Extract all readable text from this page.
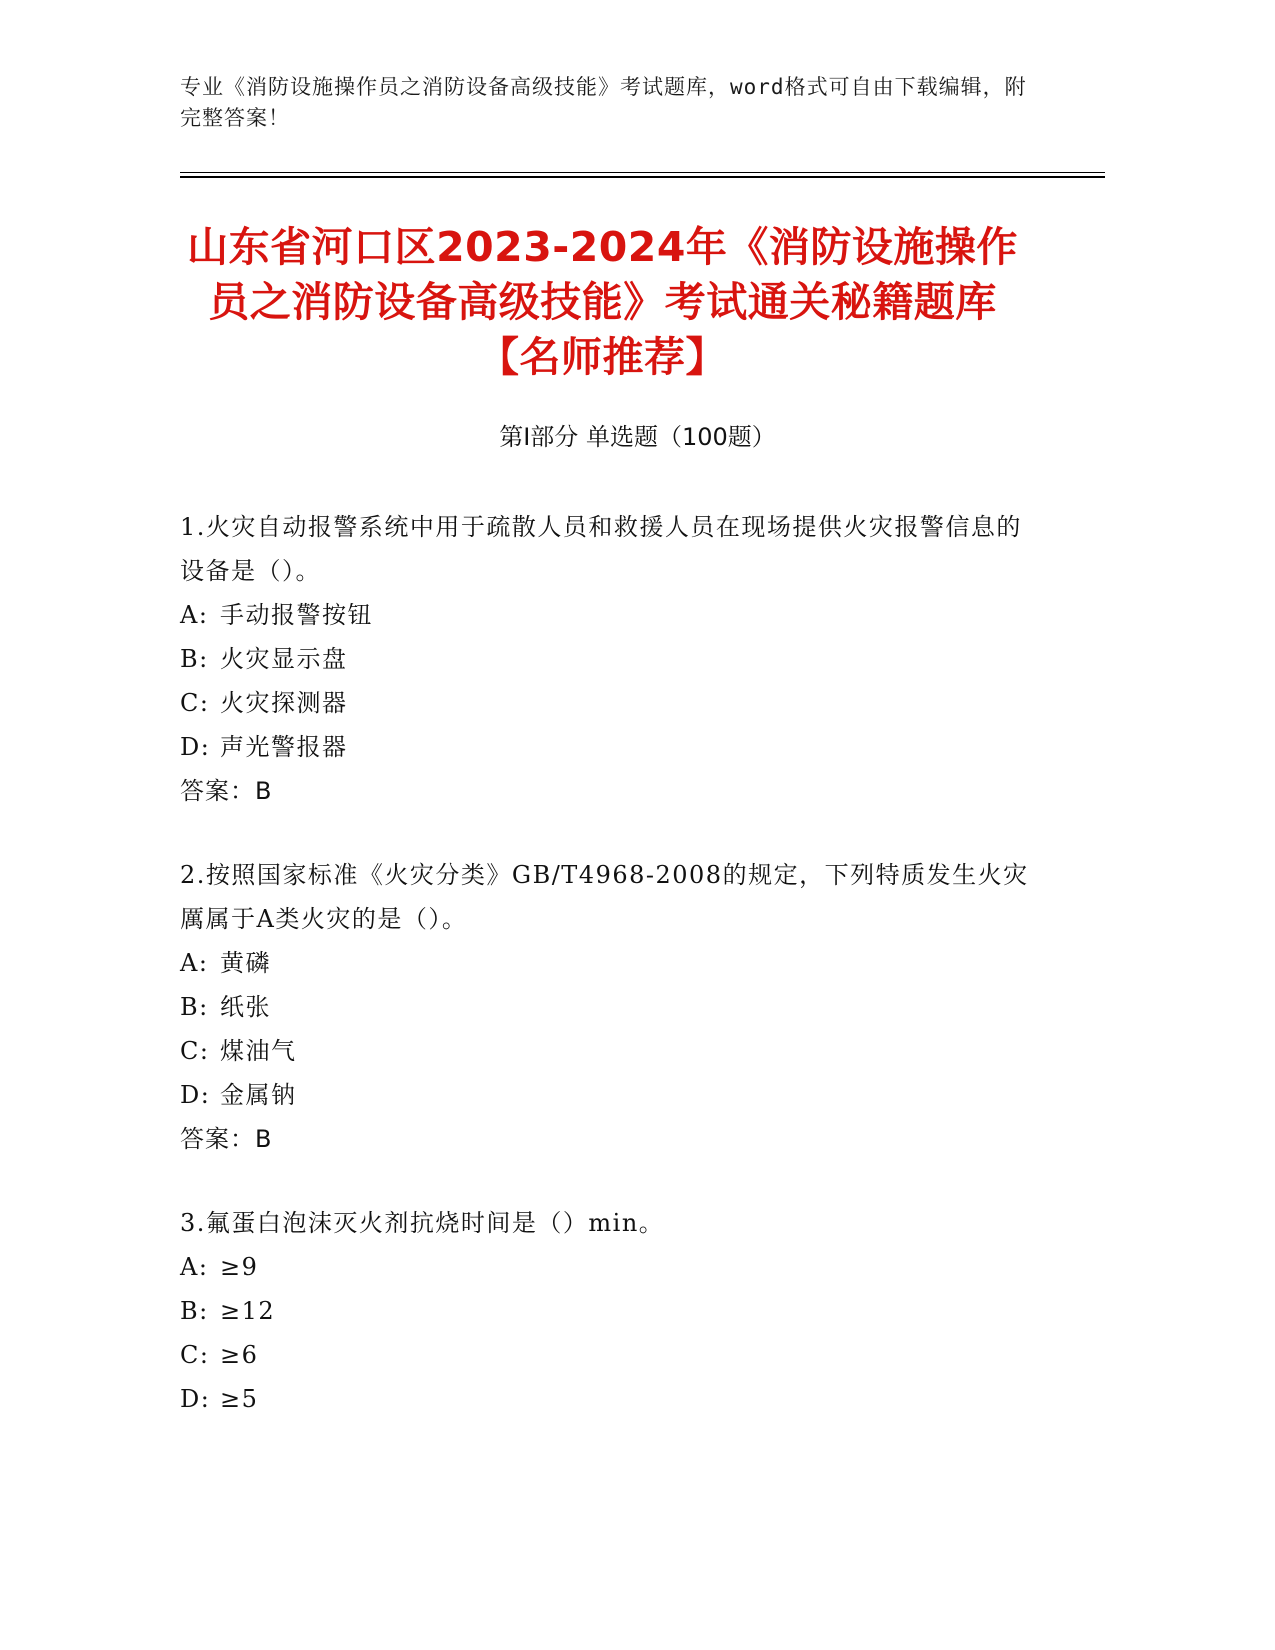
专业《消防设施操作员之消防设备高级技能》考试题库，word格式可自由下载编辑，附完整答案！
山东省河口区2023-2024年《消防设施操作
员之消防设备高级技能》考试通关秘籍题库
【名师推荐】
第I部分 单选题（100题）
1.火灾自动报警系统中用于疏散人员和救援人员在现场提供火灾报警信息的设备是（）。
A: 手动报警按钮
B: 火灾显示盘
C: 火灾探测器
D: 声光警报器
答案：B
2.按照国家标准《火灾分类》GB/T4968-2008的规定，下列特质发生火灾厲属于A类火灾的是（）。
A: 黄磷
B: 纸张
C: 煤油气
D: 金属钠
答案：B
3.氟蛋白泡沫灭火剂抗烧时间是（）min。
A: ≥9
B: ≥12
C: ≥6
D: ≥5
